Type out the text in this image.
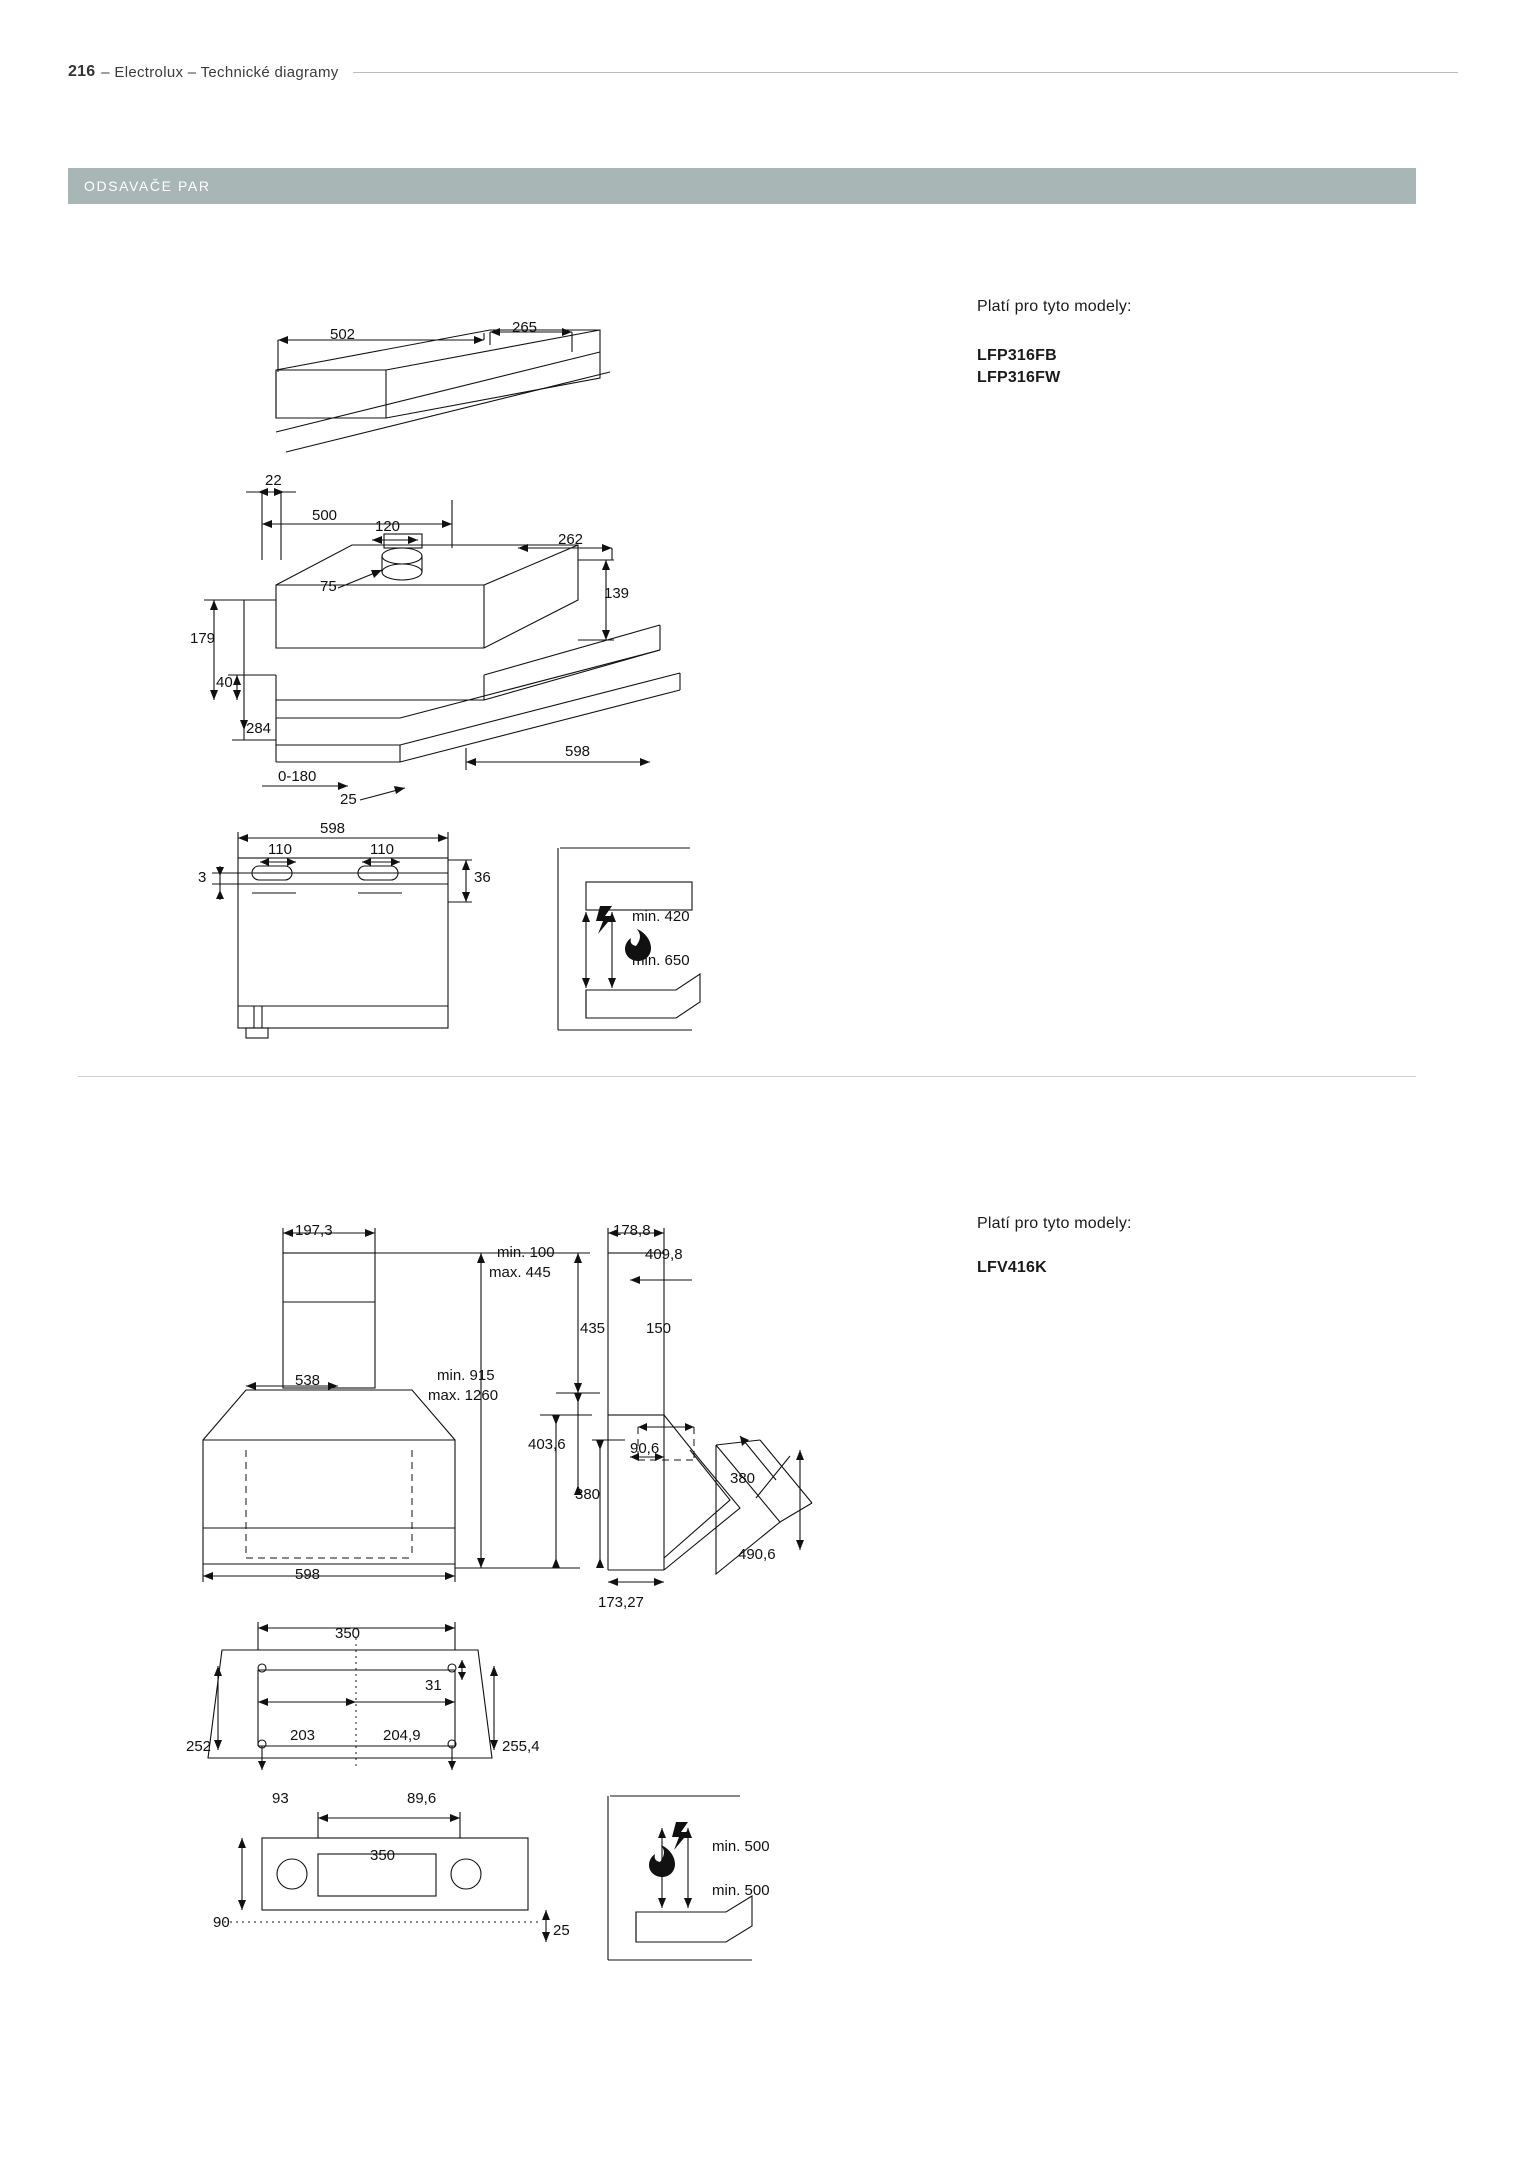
216 – Electrolux – Technické diagramy
ODSAVAČE PAR
Platí pro tyto modely:
LFP316FB
LFP316FW
502	265
22
500
120
262
75	139
179
40
284
598
0-180
25
598
110	110
3	36
min. 420
min. 650
Platí pro tyto modely:
LFV416K
197,3	178,8
min. 100
max. 445
409,8
538	min. 915
max. 1260
435	150
403,6	90,6
380
380
598
490,6
173,27
350
31
252
203	204,9
255,4
93	89,6
350
90	25
min. 500
min. 500
